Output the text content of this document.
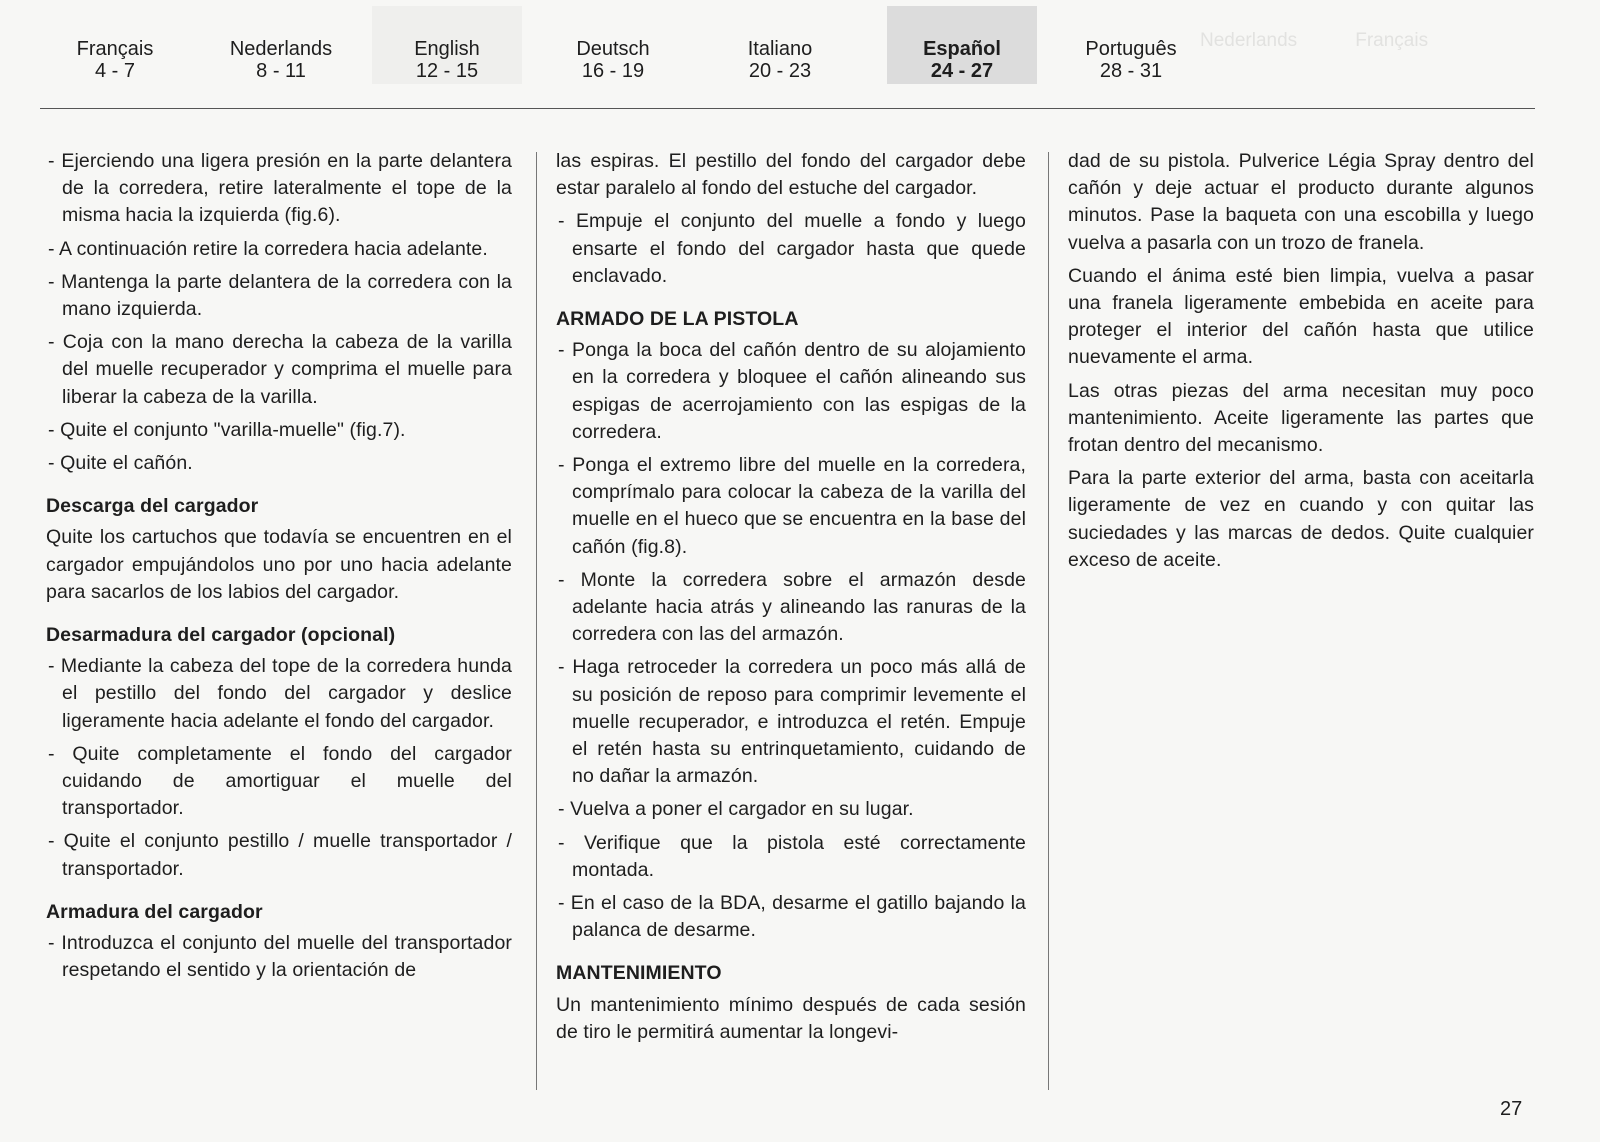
Nederlands           Français
Français
4 - 7
Nederlands
8 - 11
English
12 - 15
Deutsch
16 - 19
Italiano
20 - 23
Español
24 - 27
Português
28 - 31

- Ejerciendo una ligera presión en la parte delantera de la corredera, retire lateralmente el tope de la misma hacia la izquierda (fig.6).

- A continuación retire la corredera hacia adelante.

- Mantenga la parte delantera de la corredera con la mano izquierda.

- Coja con la mano derecha la cabeza de la varilla del muelle recuperador y comprima el muelle para liberar la cabeza de la varilla.

- Quite el conjunto "varilla-muelle" (fig.7).

- Quite el cañón.

Descarga del cargador

Quite los cartuchos que todavía se encuentren en el cargador empujándolos uno por uno hacia adelante para sacarlos de los labios del cargador.

Desarmadura del cargador (opcional)

- Mediante la cabeza del tope de la corredera hunda el pestillo del fondo del cargador y deslice ligeramente hacia adelante el fondo del cargador.

- Quite completamente el fondo del cargador cuidando de amortiguar el muelle del transportador.

- Quite el conjunto pestillo / muelle transportador / transportador.

Armadura del cargador

- Introduzca el conjunto del muelle del transportador respetando el sentido y la orientación de

las espiras. El pestillo del fondo del cargador debe estar paralelo al fondo del estuche del cargador.

- Empuje el conjunto del muelle a fondo y luego ensarte el fondo del cargador hasta que quede enclavado.

ARMADO DE LA PISTOLA

- Ponga la boca del cañón dentro de su alojamiento en la corredera y bloquee el cañón alineando sus espigas de acerrojamiento con las espigas de la corredera.

- Ponga el extremo libre del muelle en la corredera, comprímalo para colocar la cabeza de la varilla del muelle en el hueco que se encuentra en la base del cañón (fig.8).

- Monte la corredera sobre el armazón desde adelante hacia atrás y alineando las ranuras de la corredera con las del armazón.

- Haga retroceder la corredera un poco más allá de su posición de reposo para comprimir levemente el muelle recuperador, e introduzca el retén. Empuje el retén hasta su entrinquetamiento, cuidando de no dañar la armazón.

- Vuelva a poner el cargador en su lugar.

- Verifique que la pistola esté correctamente montada.

- En el caso de la BDA, desarme el gatillo bajando la palanca de desarme.

MANTENIMIENTO

Un mantenimiento mínimo después de cada sesión de tiro le permitirá aumentar la longevi-

dad de su pistola. Pulverice Légia Spray dentro del cañón y deje actuar el producto durante algunos minutos. Pase la baqueta con una escobilla y luego vuelva a pasarla con un trozo de franela.

Cuando el ánima esté bien limpia, vuelva a pasar una franela ligeramente embebida en aceite para proteger el interior del cañón hasta que utilice nuevamente el arma.

Las otras piezas del arma necesitan muy poco mantenimiento. Aceite ligeramente las partes que frotan dentro del mecanismo.

Para la parte exterior del arma, basta con aceitarla ligeramente de vez en cuando y con quitar las suciedades y las marcas de dedos. Quite cualquier exceso de aceite.

27
